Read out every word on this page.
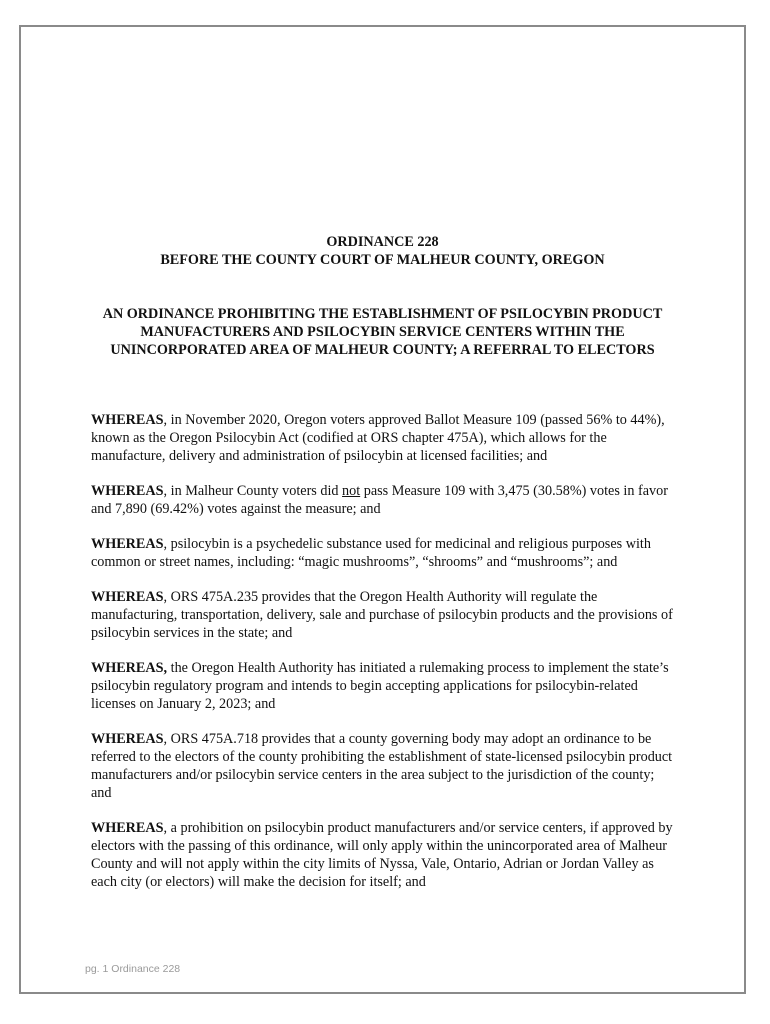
ORDINANCE 228
BEFORE THE COUNTY COURT OF MALHEUR COUNTY, OREGON
AN ORDINANCE PROHIBITING THE ESTABLISHMENT OF PSILOCYBIN PRODUCT MANUFACTURERS AND PSILOCYBIN SERVICE CENTERS WITHIN THE UNINCORPORATED AREA OF MALHEUR COUNTY; A REFERRAL TO ELECTORS

WHEREAS, in November 2020, Oregon voters approved Ballot Measure 109 (passed 56% to 44%), known as the Oregon Psilocybin Act (codified at ORS chapter 475A), which allows for the manufacture, delivery and administration of psilocybin at licensed facilities; and

WHEREAS, in Malheur County voters did not pass Measure 109 with 3,475 (30.58%) votes in favor and 7,890 (69.42%) votes against the measure; and

WHEREAS, psilocybin is a psychedelic substance used for medicinal and religious purposes with common or street names, including: “magic mushrooms”, “shrooms” and “mushrooms”; and

WHEREAS, ORS 475A.235 provides that the Oregon Health Authority will regulate the manufacturing, transportation, delivery, sale and purchase of psilocybin products and the provisions of psilocybin services in the state; and

WHEREAS, the Oregon Health Authority has initiated a rulemaking process to implement the state’s psilocybin regulatory program and intends to begin accepting applications for psilocybin-related licenses on January 2, 2023; and

WHEREAS, ORS 475A.718 provides that a county governing body may adopt an ordinance to be referred to the electors of the county prohibiting the establishment of state-licensed psilocybin product manufacturers and/or psilocybin service centers in the area subject to the jurisdiction of the county; and

WHEREAS, a prohibition on psilocybin product manufacturers and/or service centers, if approved by electors with the passing of this ordinance, will only apply within the unincorporated area of Malheur County and will not apply within the city limits of Nyssa, Vale, Ontario, Adrian or Jordan Valley as each city (or electors) will make the decision for itself; and

pg. 1 Ordinance 228
